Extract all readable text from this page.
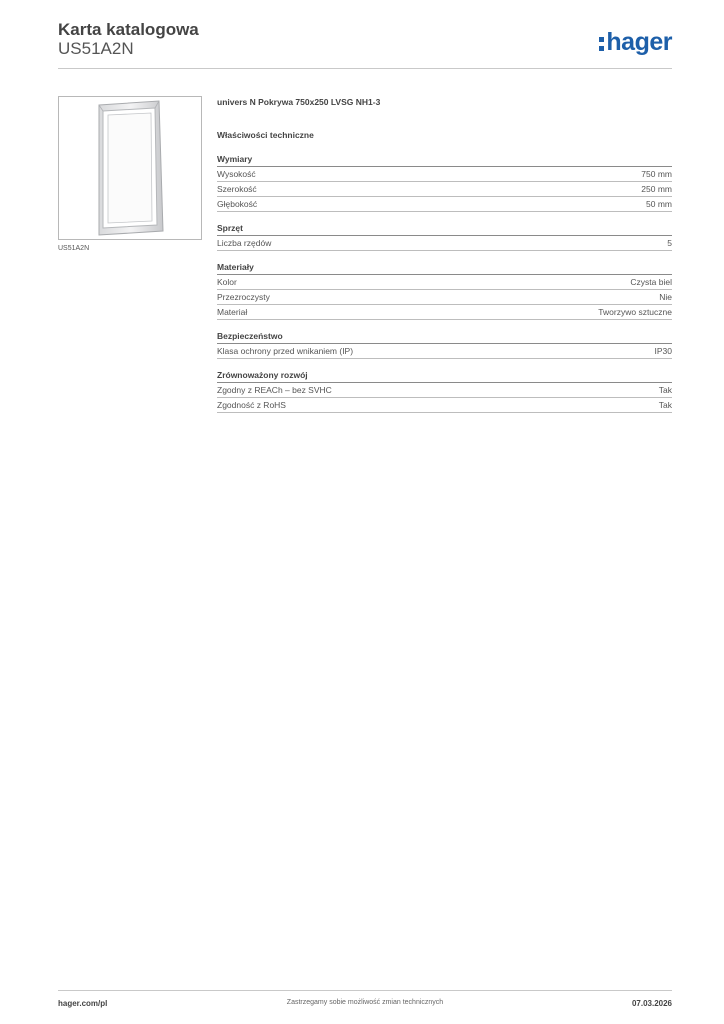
Karta katalogowa
US51A2N	hager
US51A2N
univers N Pokrywa 750x250 LVSG NH1-3
Właściwości techniczne
Wymiary
Wysokość	750 mm
Szerokość	250 mm
Głębokość	50 mm
Sprzęt
Liczba rzędów	5
Materiały
Kolor	Czysta biel
Przezroczysty	Nie
Materiał	Tworzywo sztuczne
Bezpieczeństwo
Klasa ochrony przed wnikaniem (IP)	IP30
Zrównoważony rozwój
Zgodny z REACh – bez SVHC	Tak
Zgodność z RoHS	Tak
Zastrzegamy sobie możliwość zmian technicznych
hager.com/pl	07.03.2026
